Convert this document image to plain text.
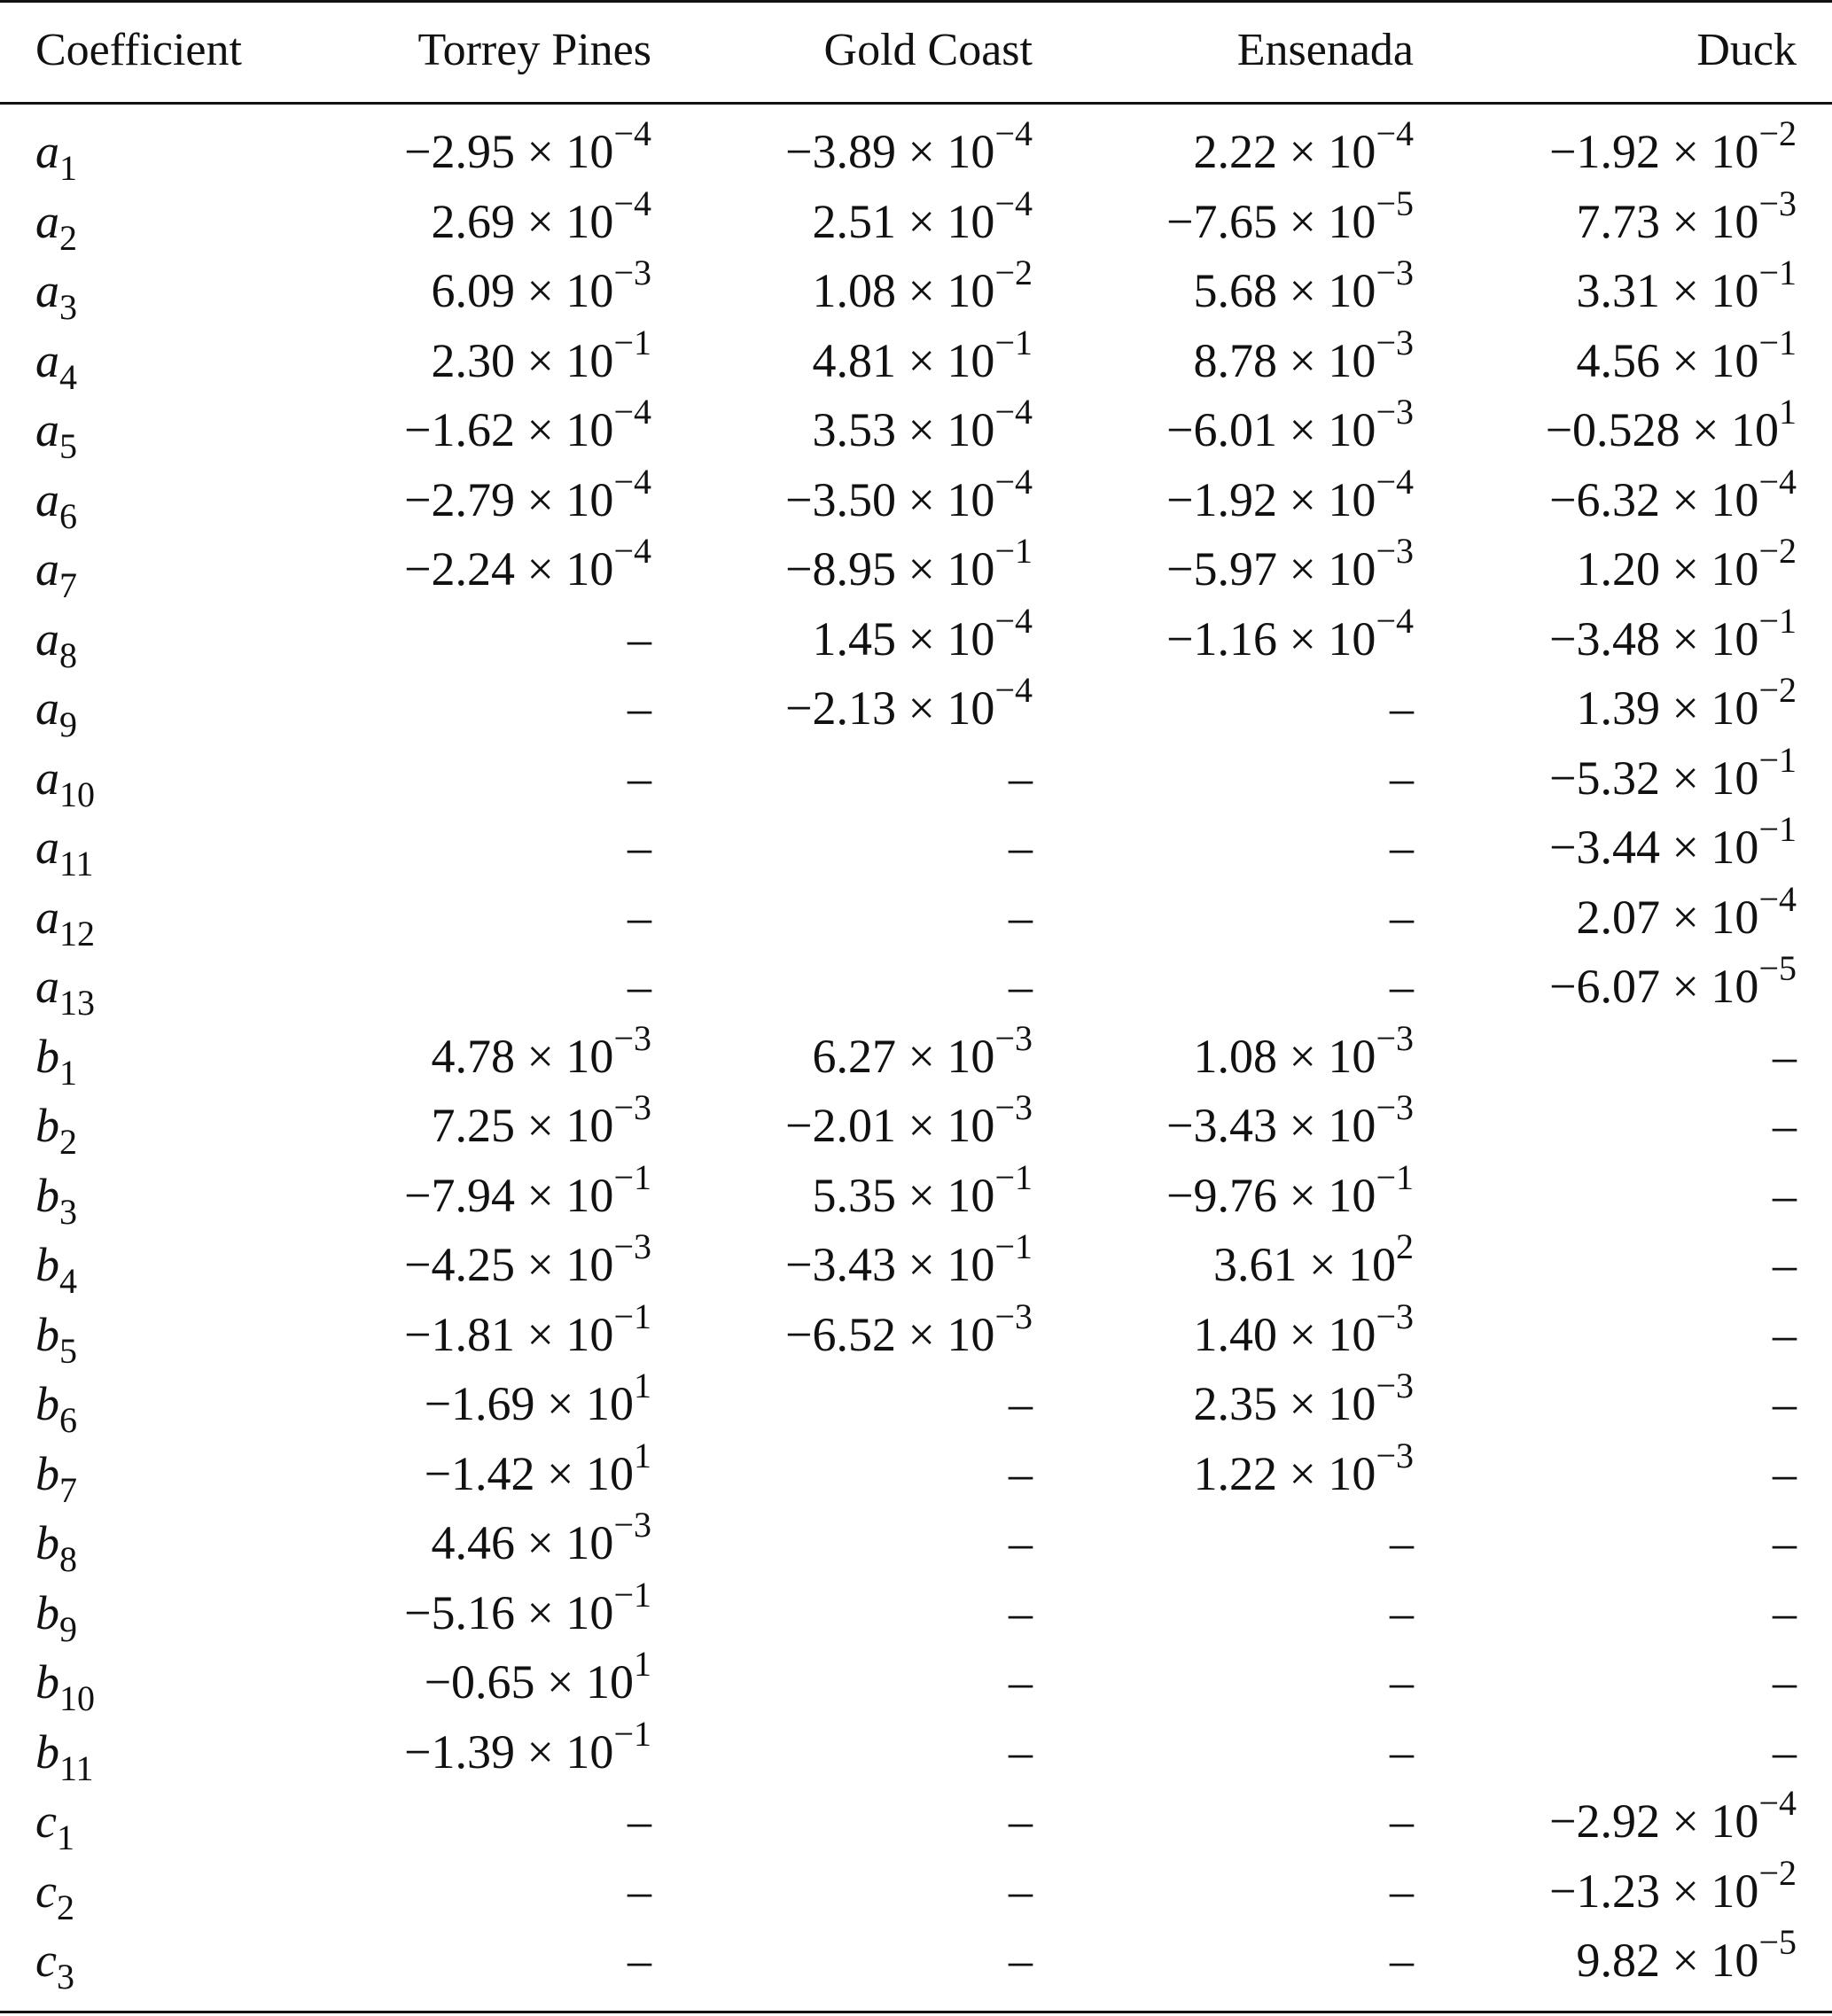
Coefficient	Torrey Pines	Gold Coast	Ensenada	Duck

$a_1$	$-2.95 \times 10^{-4}$	$-3.89 \times 10^{-4}$	$2.22 \times 10^{-4}$	$-1.92 \times 10^{-2}$
$a_2$	$2.69 \times 10^{-4}$	$2.51 \times 10^{-4}$	$-7.65 \times 10^{-5}$	$7.73 \times 10^{-3}$
$a_3$	$6.09 \times 10^{-3}$	$1.08 \times 10^{-2}$	$5.68 \times 10^{-3}$	$3.31 \times 10^{-1}$
$a_4$	$2.30 \times 10^{-1}$	$4.81 \times 10^{-1}$	$8.78 \times 10^{-3}$	$4.56 \times 10^{-1}$
$a_5$	$-1.62 \times 10^{-4}$	$3.53 \times 10^{-4}$	$-6.01 \times 10^{-3}$	$-0.528 \times 10^1$
$a_6$	$-2.79 \times 10^{-4}$	$-3.50 \times 10^{-4}$	$-1.92 \times 10^{-4}$	$-6.32 \times 10^{-4}$
$a_7$	$-2.24 \times 10^{-4}$	$-8.95 \times 10^{-1}$	$-5.97 \times 10^{-3}$	$1.20 \times 10^{-2}$
$a_8$	–	$1.45 \times 10^{-4}$	$-1.16 \times 10^{-4}$	$-3.48 \times 10^{-1}$
$a_9$	–	$-2.13 \times 10^{-4}$	–	$1.39 \times 10^{-2}$
$a_{10}$	–	–	–	$-5.32 \times 10^{-1}$
$a_{11}$	–	–	–	$-3.44 \times 10^{-1}$
$a_{12}$	–	–	–	$2.07 \times 10^{-4}$
$a_{13}$	–	–	–	$-6.07 \times 10^{-5}$
$b_1$	$4.78 \times 10^{-3}$	$6.27 \times 10^{-3}$	$1.08 \times 10^{-3}$	–
$b_2$	$7.25 \times 10^{-3}$	$-2.01 \times 10^{-3}$	$-3.43 \times 10^{-3}$	–
$b_3$	$-7.94 \times 10^{-1}$	$5.35 \times 10^{-1}$	$-9.76 \times 10^{-1}$	–
$b_4$	$-4.25 \times 10^{-3}$	$-3.43 \times 10^{-1}$	$3.61 \times 10^2$	–
$b_5$	$-1.81 \times 10^{-1}$	$-6.52 \times 10^{-3}$	$1.40 \times 10^{-3}$	–
$b_6$	$-1.69 \times 10^1$	–	$2.35 \times 10^{-3}$	–
$b_7$	$-1.42 \times 10^1$	–	$1.22 \times 10^{-3}$	–
$b_8$	$4.46 \times 10^{-3}$	–	–	–
$b_9$	$-5.16 \times 10^{-1}$	–	–	–
$b_{10}$	$-0.65 \times 10^1$	–	–	–
$b_{11}$	$-1.39 \times 10^{-1}$	–	–	–
$c_1$	–	–	–	$-2.92 \times 10^{-4}$
$c_2$	–	–	–	$-1.23 \times 10^{-2}$
$c_3$	–	–	–	$9.82 \times 10^{-5}$
